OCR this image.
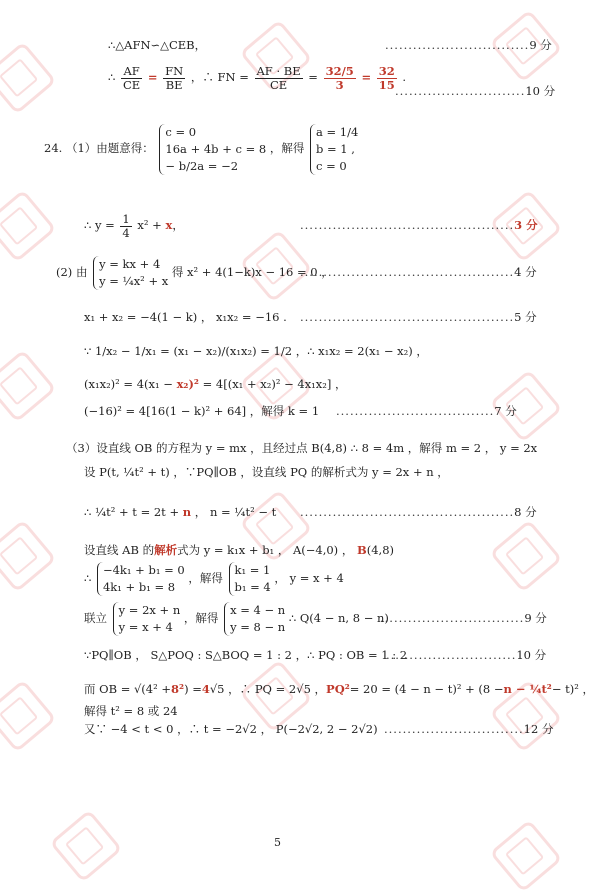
∴△AFN∽△CEB，	...............................9 分
∴ $\frac{AF}{CE} = \frac{FN}{BE}$ ，∴ FN = $\frac{AF \cdot BE}{CE} = \frac{32/5}{3} = \frac{32}{15}$ .
............................10 分
24. （1）由题意得：
c = 0
16a + 4b + c = 8
− b/2a = −2
，解得
a = 1/4
b = 1 ,
c = 0
∴ $y = \frac{1}{4} x^2 + x$，	..............................................3 分
(2) 由
y = kx + 4
y = ¼x² + x
得 x² + 4(1−k)x − 16 = 0 ，
..............................................4 分
x₁ + x₂ = −4(1 − k) ， x₁x₂ = −16 . ..............................................5 分
∵ 1/x₂ − 1/x₁ = (x₁ − x₂)/(x₁x₂) = 1/2 ，∴ x₁x₂ = 2(x₁ − x₂) ，
(x₁x₂)² = 4(x₁ − x₂)² = 4[(x₁ + x₂)² − 4x₁x₂] ，
(−16)² = 4[16(1 − k)² + 64] ，解得 k = 1 ..................................7 分
（3）设直线 OB 的方程为 y = mx ，且经过点 B(4,8) ∴ 8 = 4m ，解得 m = 2 ， y = 2x
设 P(t, ¼t² + t) ，∵PQ∥OB ，设直线 PQ 的解析式为 y = 2x + n ，
∴ ¼t² + t = 2t + n ， n = ¼t² − t ..............................................8 分
设直线 AB 的解析式为 y = k₁x + b₁ ， A(−4,0) ， B(4,8)
∴
−4k₁ + b₁ = 0
4k₁ + b₁ = 8
，解得
k₁ = 1
b₁ = 4
， y = x + 4
联立
y = 2x + n
y = x + 4
，解得
x = 4 − n
y = 8 − n
∴ Q(4 − n, 8 − n)
...............................9 分
∵PQ∥OB ， S△POQ : S△BOQ = 1 : 2 ，∴ PQ : OB = 1 : 2
............................10 分
而 OB = √(4² +8²) =4√5 ，∴ PQ = 2√5 ，PQ²= 20 = (4 − n − t)² + (8 −n − ¼t²− t)² ，
解得 t² = 8 或 24
又∵ −4 < t < 0 ，∴ t = −2√2 ， P(−2√2, 2 − 2√2) ..............................12 分
5
